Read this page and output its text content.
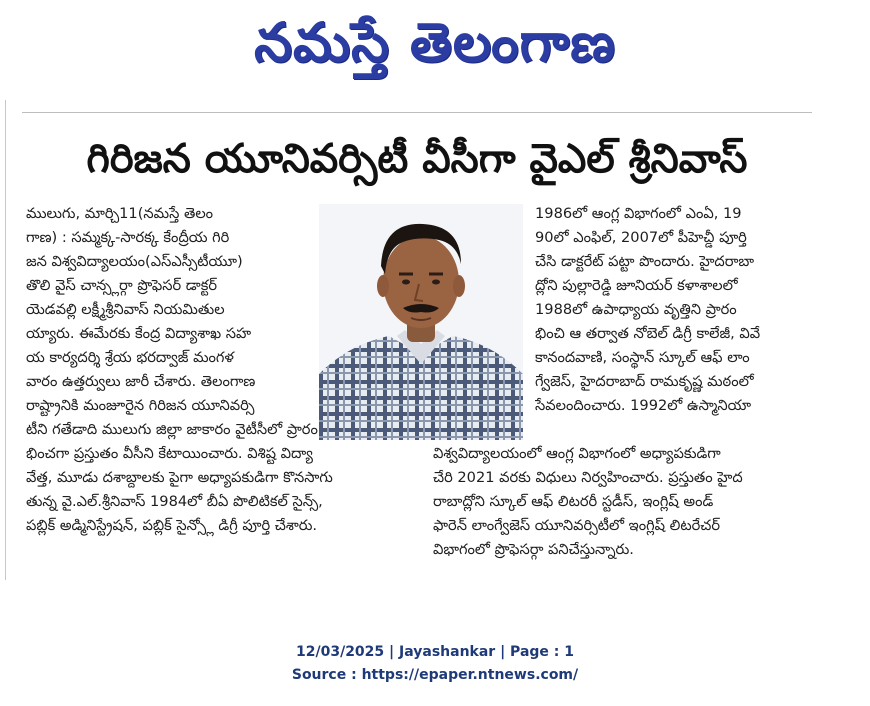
నమస్తే తెలంగాణ
గిరిజన యూనివర్సిటీ వీసీగా వైఎల్ శ్రీనివాస్
ములుగు, మార్చి11(నమస్తే తెలం
గాణ) : సమ్మక్క-సారక్క కేంద్రీయ గిరి
జన విశ్వవిద్యాలయం(ఎస్ఎస్సీటీయూ)
తొలి వైస్ చాన్స్లర్గా ప్రొఫెసర్ డాక్టర్
యెడవల్లి లక్ష్మీశ్రీనివాస్ నియమితుల
య్యారు. ఈమేరకు కేంద్ర విద్యాశాఖ సహ
య కార్యదర్శి శ్రేయ భరద్వాజ్ మంగళ
వారం ఉత్తర్వులు జారీ చేశారు. తెలంగాణ
రాష్ట్రానికి మంజూరైన గిరిజన యూనివర్సి
టీని గతేడాది ములుగు జిల్లా జాకారం వైటీసీలో ప్రారం
భించగా ప్రస్తుతం వీసీని కేటాయించారు. విశిష్ట విద్యా
వేత్త, మూడు దశాబ్దాలకు పైగా అధ్యాపకుడిగా కొనసాగు
తున్న వై.ఎల్.శ్రీనివాస్ 1984లో బీఏ పొలిటికల్ సైన్స్,
పబ్లిక్ అడ్మినిస్ట్రేషన్, పబ్లిక్ సైన్స్లో డిగ్రీ పూర్తి చేశారు.
1986లో ఆంగ్ల విభాగంలో ఎంఏ, 19
90లో ఎంఫిల్, 2007లో పీహెచ్డీ పూర్తి
చేసి డాక్టరేట్ పట్టా పొందారు. హైదరాబా
ద్లోని పుల్లారెడ్డి జూనియర్ కళాశాలలో
1988లో ఉపాధ్యాయ వృత్తిని ప్రారం
భించి ఆ తర్వాత నోబెల్ డిగ్రీ కాలేజీ, వివే
కానందవాణి, సంస్థాన్ స్కూల్ ఆఫ్ లాం
గ్వేజెస్, హైదరాబాద్ రామకృష్ణ మఠంలో
సేవలందించారు. 1992లో ఉస్మానియా
విశ్వవిద్యాలయంలో ఆంగ్ల విభాగంలో అధ్యాపకుడిగా
చేరి 2021 వరకు విధులు నిర్వహించారు. ప్రస్తుతం హైద
రాబాద్లోని స్కూల్ ఆఫ్ లిటరరీ స్టడీస్, ఇంగ్లిష్ అండ్
ఫారెన్ లాంగ్వేజెస్ యూనివర్సిటీలో ఇంగ్లిష్ లిటరేచర్
విభాగంలో ప్రొఫెసర్గా పనిచేస్తున్నారు.
12/03/2025 | Jayashankar | Page : 1
Source : https://epaper.ntnews.com/
